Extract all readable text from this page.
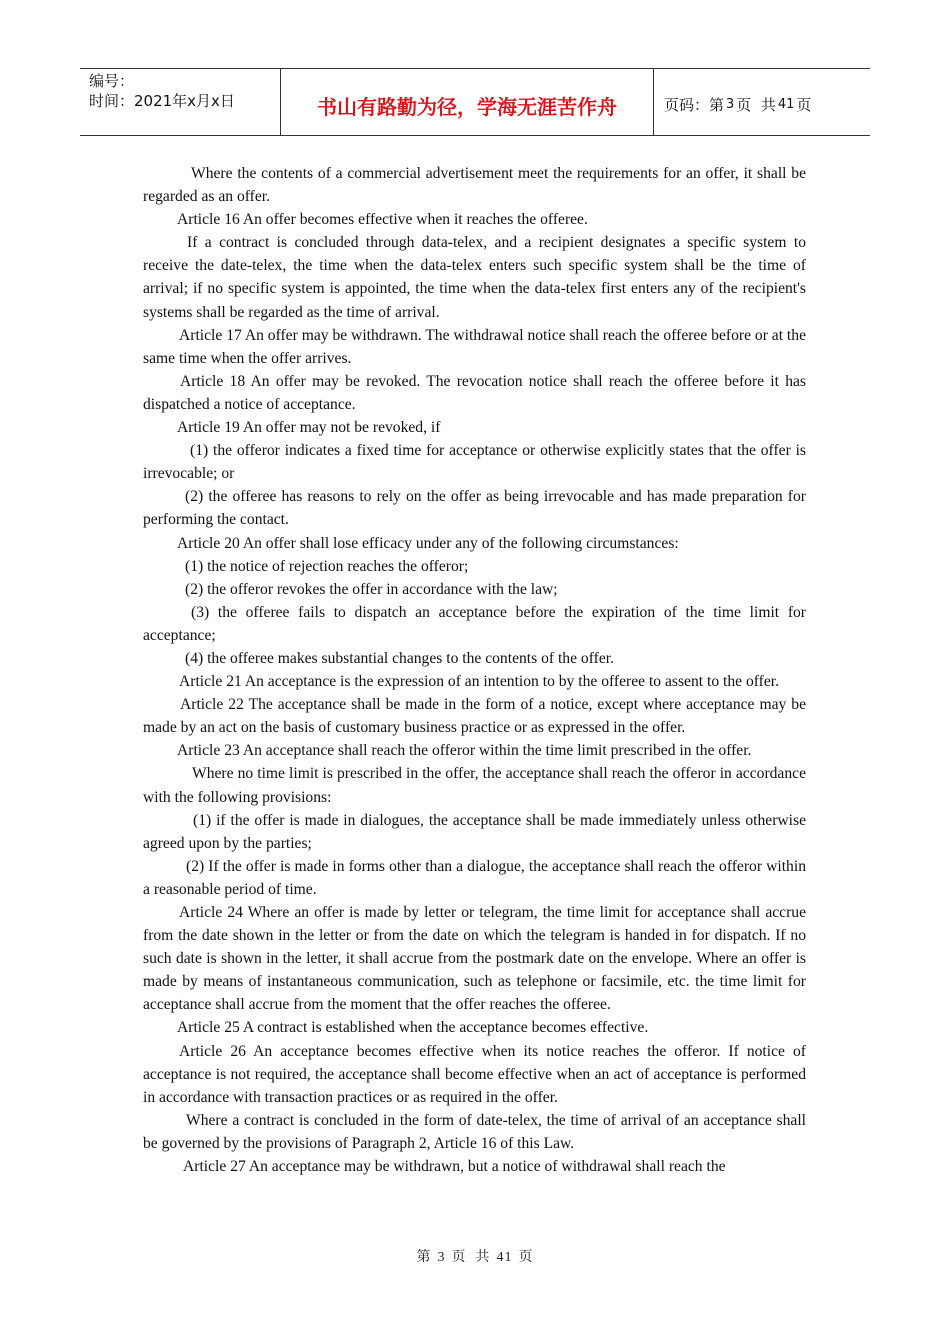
编号：
时间：2021年x月x日	书山有路勤为径，学海无涯苦作舟	页码：第 3 页  共 41 页

Where the contents of a commercial advertisement meet the requirements for an offer, it shall be regarded as an offer.

Article 16 An offer becomes effective when it reaches the offeree.

If a contract is concluded through data-telex, and a recipient designates a specific system to receive the date-telex, the time when the data-telex enters such specific system shall be the time of arrival; if no specific system is appointed, the time when the data-telex first enters any of the recipient's systems shall be regarded as the time of arrival.

Article 17 An offer may be withdrawn. The withdrawal notice shall reach the offeree before or at the same time when the offer arrives.

Article 18 An offer may be revoked. The revocation notice shall reach the offeree before it has dispatched a notice of acceptance.

Article 19 An offer may not be revoked, if

(1) the offeror indicates a fixed time for acceptance or otherwise explicitly states that the offer is irrevocable; or

(2) the offeree has reasons to rely on the offer as being irrevocable and has made preparation for performing the contact.

Article 20 An offer shall lose efficacy under any of the following circumstances:

(1) the notice of rejection reaches the offeror;

(2) the offeror revokes the offer in accordance with the law;

(3) the offeree fails to dispatch an acceptance before the expiration of the time limit for acceptance;

(4) the offeree makes substantial changes to the contents of the offer.

Article 21 An acceptance is the expression of an intention to by the offeree to assent to the offer.

Article 22 The acceptance shall be made in the form of a notice, except where acceptance may be made by an act on the basis of customary business practice or as expressed in the offer.

Article 23 An acceptance shall reach the offeror within the time limit prescribed in the offer.

Where no time limit is prescribed in the offer, the acceptance shall reach the offeror in accordance with the following provisions:

(1) if the offer is made in dialogues, the acceptance shall be made immediately unless otherwise agreed upon by the parties;

(2) If the offer is made in forms other than a dialogue, the acceptance shall reach the offeror within a reasonable period of time.

Article 24 Where an offer is made by letter or telegram, the time limit for acceptance shall accrue from the date shown in the letter or from the date on which the telegram is handed in for dispatch. If no such date is shown in the letter, it shall accrue from the postmark date on the envelope. Where an offer is made by means of instantaneous communication, such as telephone or facsimile, etc. the time limit for acceptance shall accrue from the moment that the offer reaches the offeree.

Article 25 A contract is established when the acceptance becomes effective.

Article 26 An acceptance becomes effective when its notice reaches the offeror. If notice of acceptance is not required, the acceptance shall become effective when an act of acceptance is performed in accordance with transaction practices or as required in the offer.

Where a contract is concluded in the form of date-telex, the time of arrival of an acceptance shall be governed by the provisions of Paragraph 2, Article 16 of this Law.

Article 27 An acceptance may be withdrawn, but a notice of withdrawal shall reach the

第 3 页  共 41 页
